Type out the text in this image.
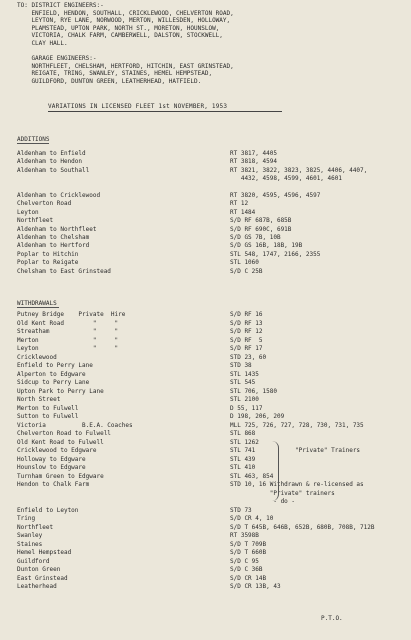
TO: DISTRICT ENGINEERS:-
ENFIELD, HENDON, SOUTHALL, CRICKLEWOOD, CHELVERTON ROAD,
LEYTON, RYE LANE, NORWOOD, MERTON, WILLESDEN, HOLLOWAY,
PLAMSTEAD, UPTON PARK, NORTH ST., MORETON, HOUNSLOW,
VICTORIA, CHALK FARM, CAMBERWELL, DALSTON, STOCKWELL,
CLAY HALL.
GARAGE ENGINEERS:-
NORTHFLEET, CHELSHAM, HERTFORD, HITCHIN, EAST GRINSTEAD,
REIGATE, TRING, SWANLEY, STAINES, HEMEL HEMPSTEAD,
GUILDFORD, DUNTON GREEN, LEATHERHEAD, HATFIELD.
VARIATIONS IN LICENSED FLEET 1st NOVEMBER, 1953
ADDITIONS
Aldenham to Enfield	RT 3817, 4405
Aldenham to Hendon	RT 3818, 4594
Aldenham to Southall	RT 3821, 3822, 3823, 3825, 4406, 4407,
4432, 4598, 4599, 4601, 4601
Aldenham to Cricklewood	RT 3820, 4595, 4596, 4597
Chelverton Road	RT 12
Leyton	RT 1484
Northfleet	S/D RF 687B, 685B
Aldenham to Northfleet	S/D RF 690C, 691B
Aldenham to Chelsham	S/D GS 7B, 10B
Aldenham to Hertford	S/D GS 16B, 18B, 19B
Poplar to Hitchin	STL 548, 1747, 2166, 2355
Poplar to Reigate	STL 1060
Chelsham to East Grinstead	S/D C 25B
WITHDRAWALS
Putney Bridge    Private  Hire	S/D RF 16
Old Kent Road        "     "	S/D RF 13
Streatham            "     "	S/D RF 12
Merton               "     "	S/D RF  5
Leyton               "     "	S/D RF 17
Cricklewood	STD 23, 60
Enfield to Perry Lane	STD 38
Alperton to Edgware	STL 1435
Sidcup to Perry Lane	STL 545
Upton Park to Perry Lane	STL 706, 1580
North Street	STL 2100
Merton to Fulwell	D 55, 117
Sutton to Fulwell	D 198, 206, 209
Victoria          B.E.A. Coaches	MLL 725, 726, 727, 728, 730, 731, 735
Chelverton Road to Fulwell	STL 868
Old Kent Road to Fulwell	STL 1262
Cricklewood to Edgware	STL 741           "Private" Trainers
Holloway to Edgware	STL 439
Hounslow to Edgware	STL 410
Turnham Green to Edgware	STL 463, 854
Hendon to Chalk Farm	STD 10, 16 Withdrawn & re-licensed as
"Private" trainers
- do -
Enfield to Leyton	STD 73
Tring	S/D CR 4, 10
Northfleet	S/D T 645B, 646B, 652B, 680B, 708B, 712B
Swanley	RT 3598B
Staines	S/D T 709B
Hemel Hempstead	S/D T 660B
Guildford	S/D C 95
Dunton Green	S/D C 36B
East Grinstead	S/D CR 14B
Leatherhead	S/D CR 13B, 43
P.T.O.
